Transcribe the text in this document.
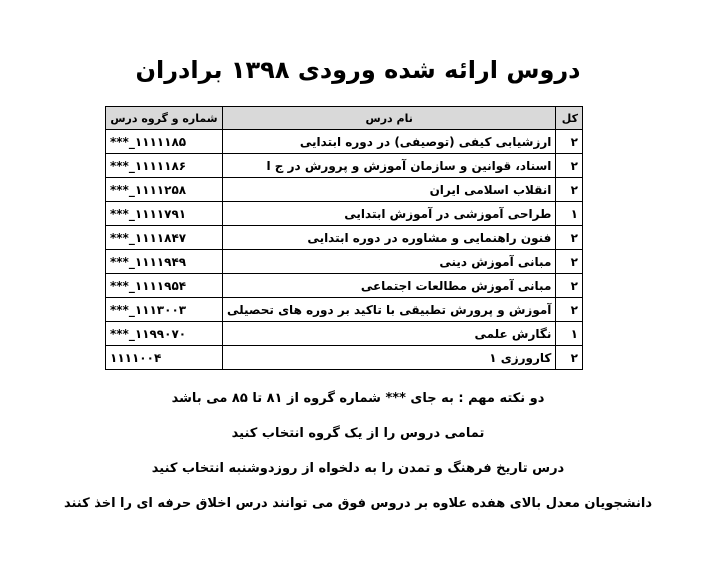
دروس ارائه شده ورودی ۱۳۹۸ برادران
کل	نام درس	شماره و گروه درس
۲	ارزشیابی کیفی (توصیفی) در دوره ابتدایی	***_۱۱۱۱۱۸۵
۲	اسناد، قوانین و سازمان آموزش و پرورش در ج ا	***_۱۱۱۱۱۸۶
۲	انقلاب اسلامی ایران	***_۱۱۱۱۲۵۸
۱	طراحی آموزشی در آموزش ابتدایی	***_۱۱۱۱۷۹۱
۲	فنون راهنمایی و مشاوره در دوره ابتدایی	***_۱۱۱۱۸۴۷
۲	مبانی آموزش دینی	***_۱۱۱۱۹۴۹
۲	مبانی آموزش مطالعات اجتماعی	***_۱۱۱۱۹۵۴
۲	آموزش و پرورش تطبیقی با تاکید بر دوره های تحصیلی	***_۱۱۱۳۰۰۳
۱	نگارش علمی	***_۱۱۹۹۰۷۰
۲	کارورزی ۱	۱۱۱۱۰۰۴

دو نکته مهم : به جای *** شماره گروه از ۸۱ تا ۸۵ می باشد

تمامی دروس را از یک گروه انتخاب کنید

درس تاریخ فرهنگ و تمدن را به دلخواه از روزدوشنبه انتخاب کنید

دانشجویان معدل بالای هفده علاوه بر دروس فوق می توانند درس اخلاق حرفه ای را اخذ کنند
